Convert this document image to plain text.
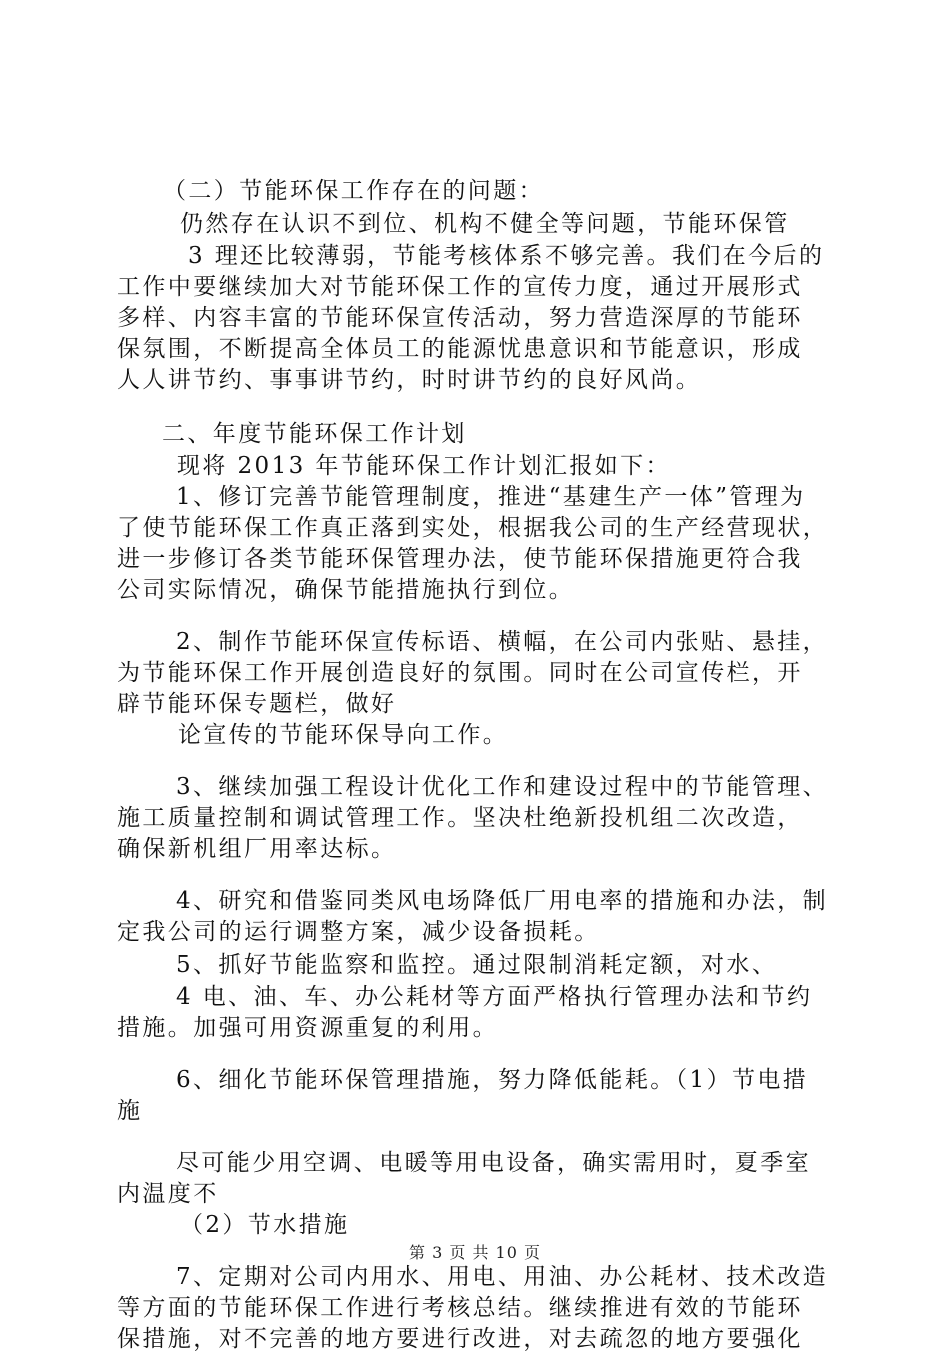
（二）节能环保工作存在的问题：
仍然存在认识不到位、机构不健全等问题，节能环保管
3 理还比较薄弱，节能考核体系不够完善。我们在今后的
工作中要继续加大对节能环保工作的宣传力度，通过开展形式
多样、内容丰富的节能环保宣传活动，努力营造深厚的节能环
保氛围，不断提高全体员工的能源忧患意识和节能意识，形成
人人讲节约、事事讲节约，时时讲节约的良好风尚。
二、年度节能环保工作计划
现将 2013 年节能环保工作计划汇报如下：
1、修订完善节能管理制度，推进“基建生产一体”管理为
了使节能环保工作真正落到实处，根据我公司的生产经营现状，
进一步修订各类节能环保管理办法，使节能环保措施更符合我
公司实际情况，确保节能措施执行到位。
2、制作节能环保宣传标语、横幅，在公司内张贴、悬挂，
为节能环保工作开展创造良好的氛围。同时在公司宣传栏，开
辟节能环保专题栏，做好
论宣传的节能环保导向工作。
3、继续加强工程设计优化工作和建设过程中的节能管理、
施工质量控制和调试管理工作。坚决杜绝新投机组二次改造，
确保新机组厂用率达标。
4、研究和借鉴同类风电场降低厂用电率的措施和办法，制
定我公司的运行调整方案，减少设备损耗。
5、抓好节能监察和监控。通过限制消耗定额，对水、
4 电、油、车、办公耗材等方面严格执行管理办法和节约
措施。加强可用资源重复的利用。
6、细化节能环保管理措施，努力降低能耗。（1）节电措
施
尽可能少用空调、电暖等用电设备，确实需用时，夏季室
内温度不
（2）节水措施
7、定期对公司内用水、用电、用油、办公耗材、技术改造
等方面的节能环保工作进行考核总结。继续推进有效的节能环
保措施，对不完善的地方要进行改进，对去疏忽的地方要强化
第 3 页 共 10 页
